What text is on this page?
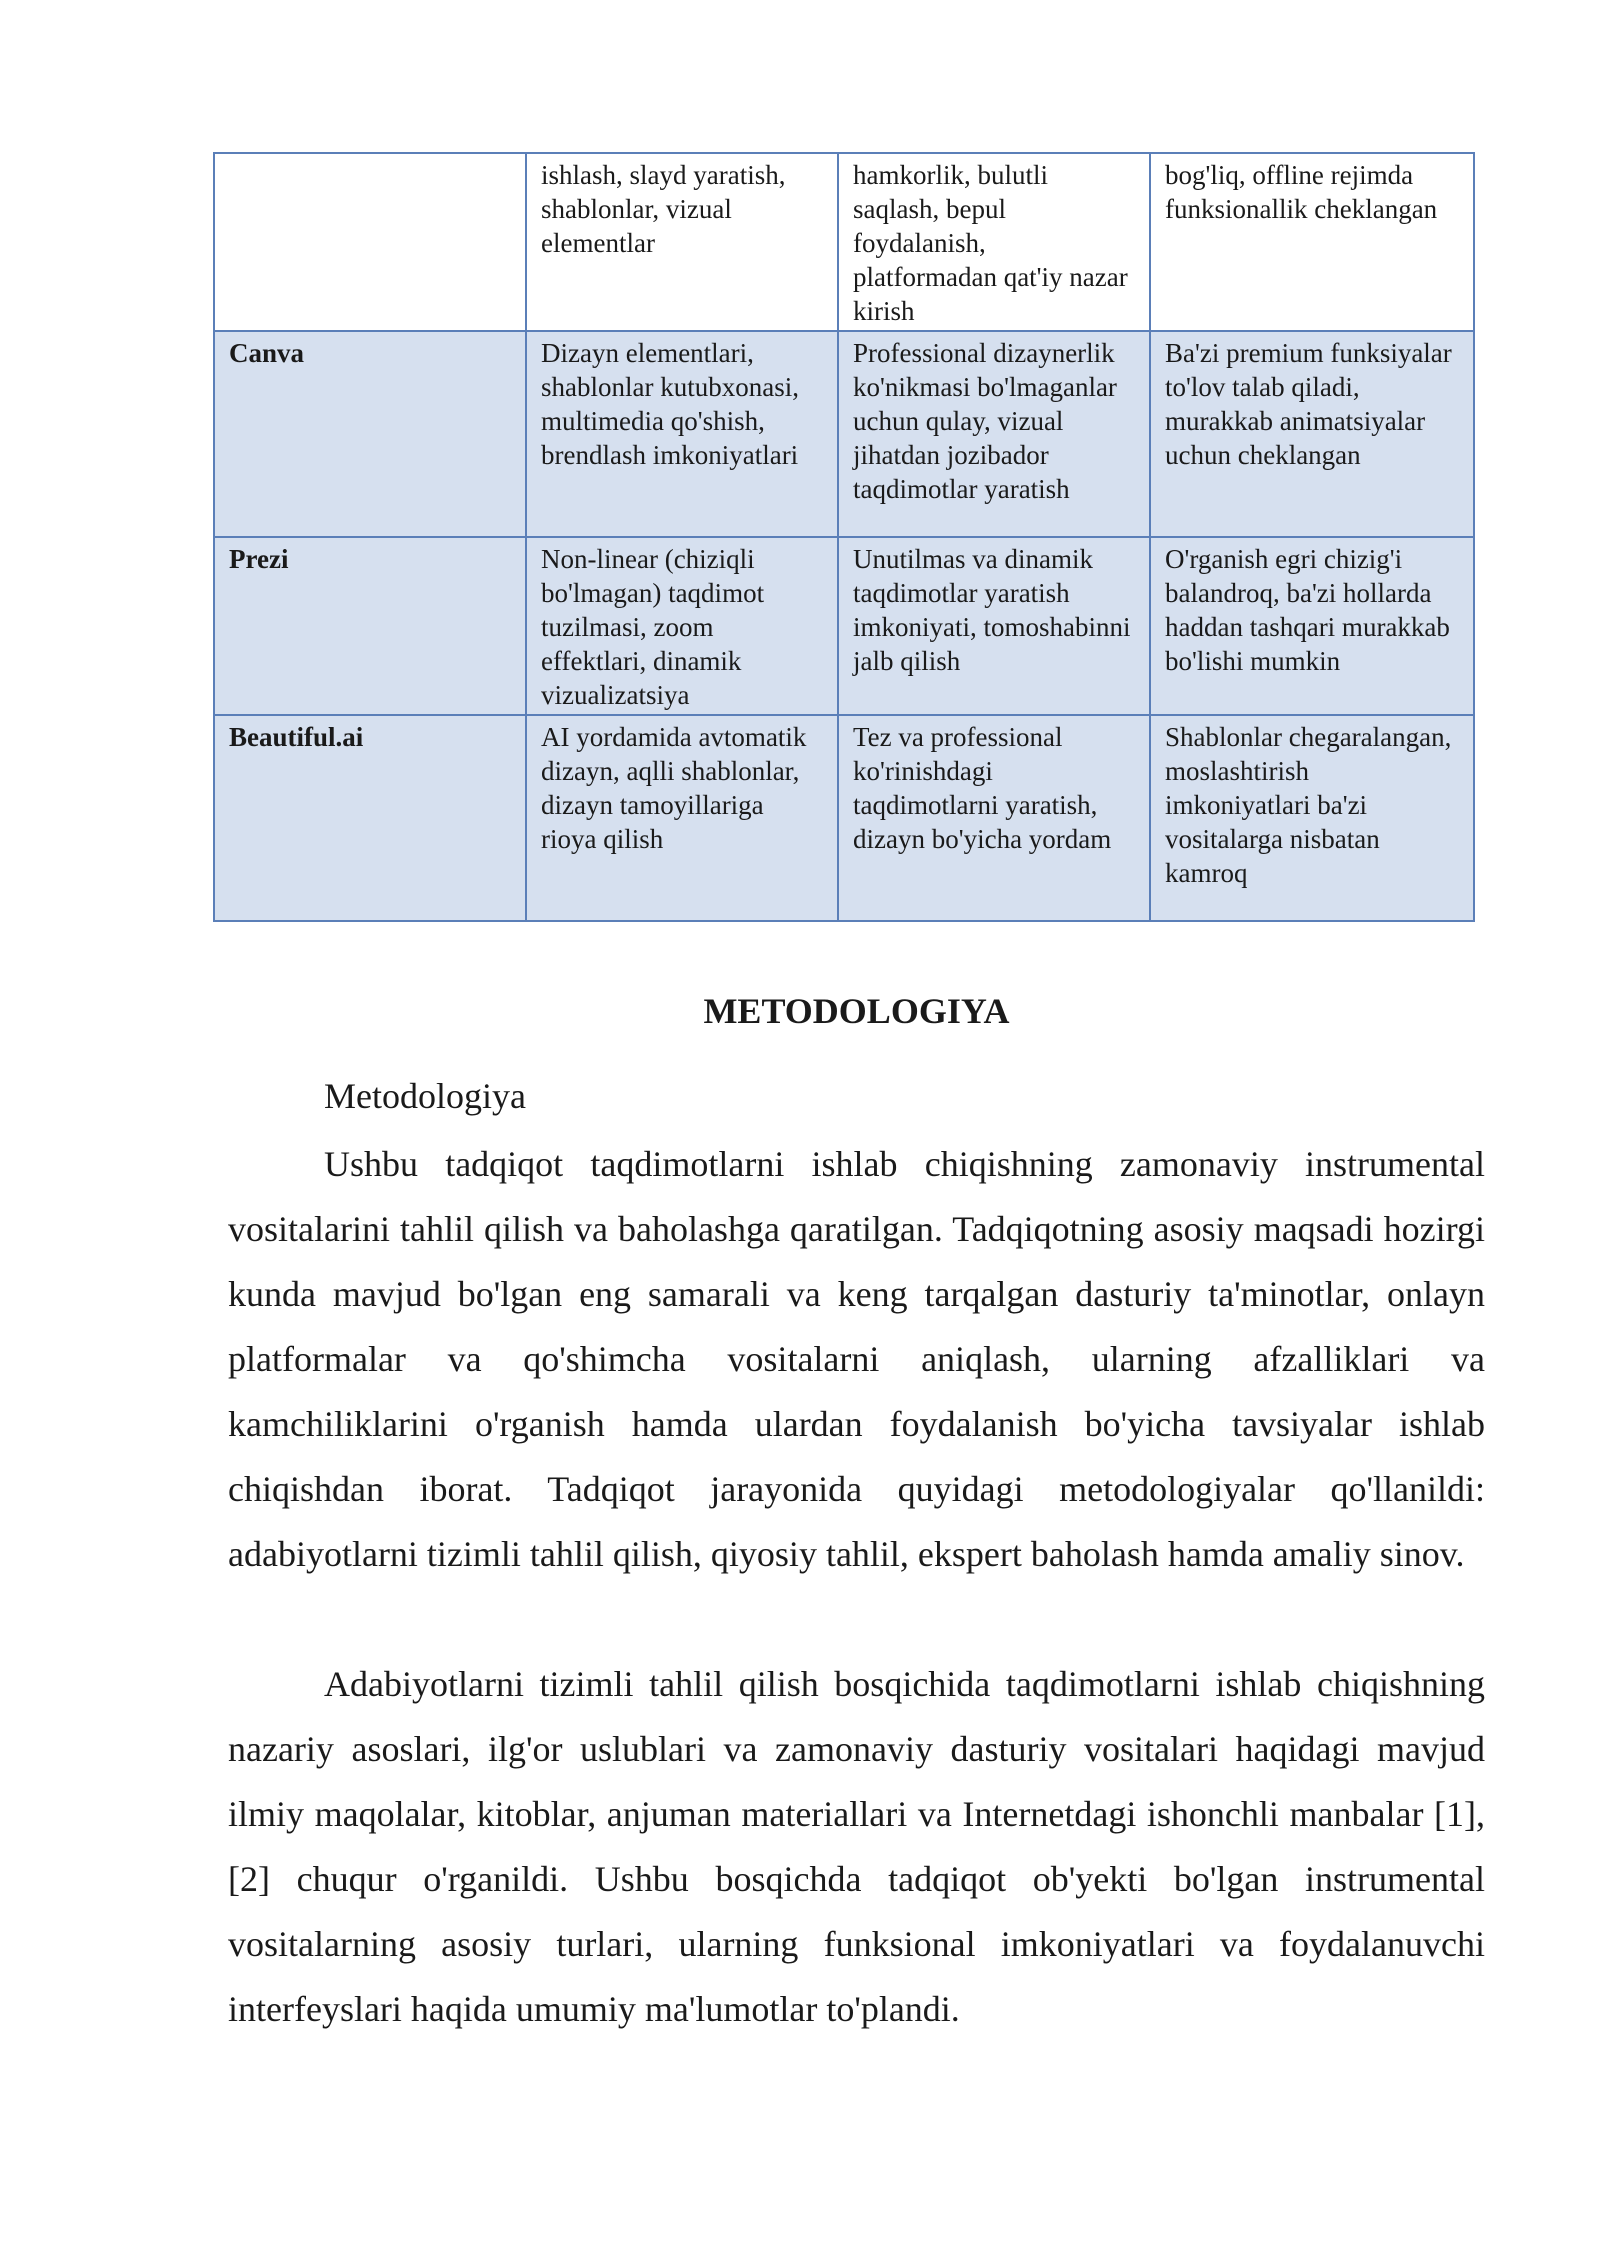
	ishlash, slayd yaratish, shablonlar, vizual elementlar	hamkorlik, bulutli saqlash, bepul foydalanish, platformadan qat'iy nazar kirish	bog'liq, offline rejimda funksionallik cheklangan
Canva	Dizayn elementlari, shablonlar kutubxonasi, multimedia qo'shish, brendlash imkoniyatlari	Professional dizaynerlik ko'nikmasi bo'lmaganlar uchun qulay, vizual jihatdan jozibador taqdimotlar yaratish	Ba'zi premium funksiyalar to'lov talab qiladi, murakkab animatsiyalar uchun cheklangan
Prezi	Non-linear (chiziqli bo'lmagan) taqdimot tuzilmasi, zoom effektlari, dinamik vizualizatsiya	Unutilmas va dinamik taqdimotlar yaratish imkoniyati, tomoshabinni jalb qilish	O'rganish egri chizig'i balandroq, ba'zi hollarda haddan tashqari murakkab bo'lishi mumkin
Beautiful.ai	AI yordamida avtomatik dizayn, aqlli shablonlar, dizayn tamoyillariga rioya qilish	Tez va professional ko'rinishdagi taqdimotlarni yaratish, dizayn bo'yicha yordam	Shablonlar chegaralangan, moslashtirish imkoniyatlari ba'zi vositalarga nisbatan kamroq
METODOLOGIYA
Metodologiya

Ushbu tadqiqot taqdimotlarni ishlab chiqishning zamonaviy instrumental vositalarini tahlil qilish va baholashga qaratilgan. Tadqiqotning asosiy maqsadi hozirgi kunda mavjud bo'lgan eng samarali va keng tarqalgan dasturiy ta'minotlar, onlayn platformalar va qo'shimcha vositalarni aniqlash, ularning afzalliklari va kamchiliklarini o'rganish hamda ulardan foydalanish bo'yicha tavsiyalar ishlab chiqishdan iborat. Tadqiqot jarayonida quyidagi metodologiyalar qo'llanildi: adabiyotlarni tizimli tahlil qilish, qiyosiy tahlil, ekspert baholash hamda amaliy sinov.

Adabiyotlarni tizimli tahlil qilish bosqichida taqdimotlarni ishlab chiqishning nazariy asoslari, ilg'or uslublari va zamonaviy dasturiy vositalari haqidagi mavjud ilmiy maqolalar, kitoblar, anjuman materiallari va Internetdagi ishonchli manbalar [1], [2] chuqur o'rganildi. Ushbu bosqichda tadqiqot ob'yekti bo'lgan instrumental vositalarning asosiy turlari, ularning funksional imkoniyatlari va foydalanuvchi interfeyslari haqida umumiy ma'lumotlar to'plandi.
